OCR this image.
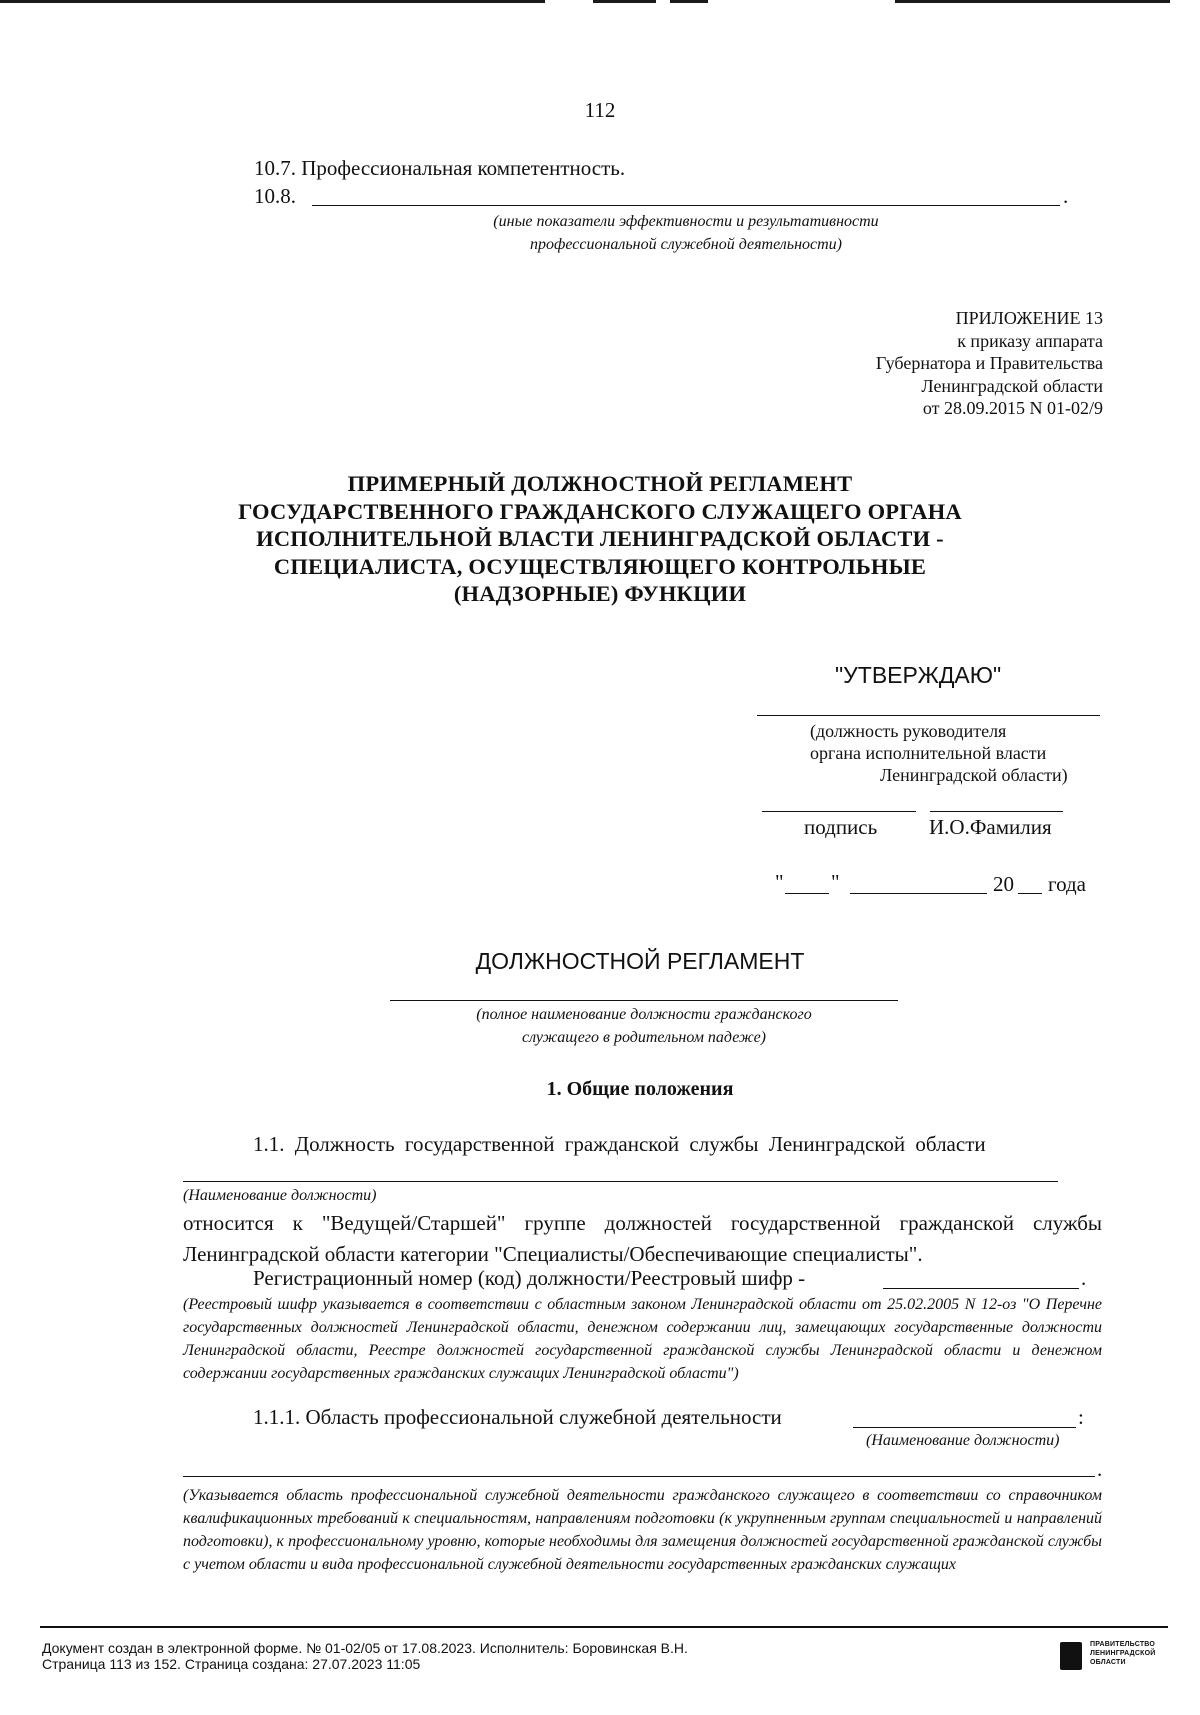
112
10.7. Профессиональная компетентность.
10.8.	.
(иные показатели эффективности и результативности
профессиональной служебной деятельности)
ПРИЛОЖЕНИЕ 13
к приказу аппарата
Губернатора и Правительства
Ленинградской области
от 28.09.2015 N 01-02/9
ПРИМЕРНЫЙ ДОЛЖНОСТНОЙ РЕГЛАМЕНТ
ГОСУДАРСТВЕННОГО ГРАЖДАНСКОГО СЛУЖАЩЕГО ОРГАНА
ИСПОЛНИТЕЛЬНОЙ ВЛАСТИ ЛЕНИНГРАДСКОЙ ОБЛАСТИ -
СПЕЦИАЛИСТА, ОСУЩЕСТВЛЯЮЩЕГО КОНТРОЛЬНЫЕ
(НАДЗОРНЫЕ) ФУНКЦИИ
"УТВЕРЖДАЮ"
(должность руководителя
органа исполнительной власти
Ленинградской области)
подпись И.О.Фамилия
" "	20 года
ДОЛЖНОСТНОЙ РЕГЛАМЕНТ
(полное наименование должности гражданского
служащего в родительном падеже)
1. Общие положения
1.1. Должность государственной гражданской службы Ленинградской области
(Наименование должности)
относится к "Ведущей/Старшей" группе должностей государственной гражданской службы Ленинградской области категории "Специалисты/Обеспечивающие специалисты".
Регистрационный номер (код) должности/Реестровый шифр -	.
(Реестровый шифр указывается в соответствии с областным законом Ленинградской области от 25.02.2005 N 12-оз "О Перечне государственных должностей Ленинградской области, денежном содержании лиц, замещающих государственные должности Ленинградской области, Реестре должностей государственной гражданской службы Ленинградской области и денежном содержании государственных гражданских служащих Ленинградской области")
1.1.1. Область профессиональной служебной деятельности	:
(Наименование должности)
.
(Указывается область профессиональной служебной деятельности гражданского служащего в соответствии со справочником квалификационных требований к специальностям, направлениям подготовки (к укрупненным группам специальностей и направлений подготовки), к профессиональному уровню, которые необходимы для замещения должностей государственной гражданской службы с учетом области и вида профессиональной служебной деятельности государственных гражданских служащих
Документ создан в электронной форме. № 01-02/05 от 17.08.2023. Исполнитель: Боровинская В.Н.
Страница 113 из 152. Страница создана: 27.07.2023 11:05
ПРАВИТЕЛЬСТВО
ЛЕНИНГРАДСКОЙ
ОБЛАСТИ
